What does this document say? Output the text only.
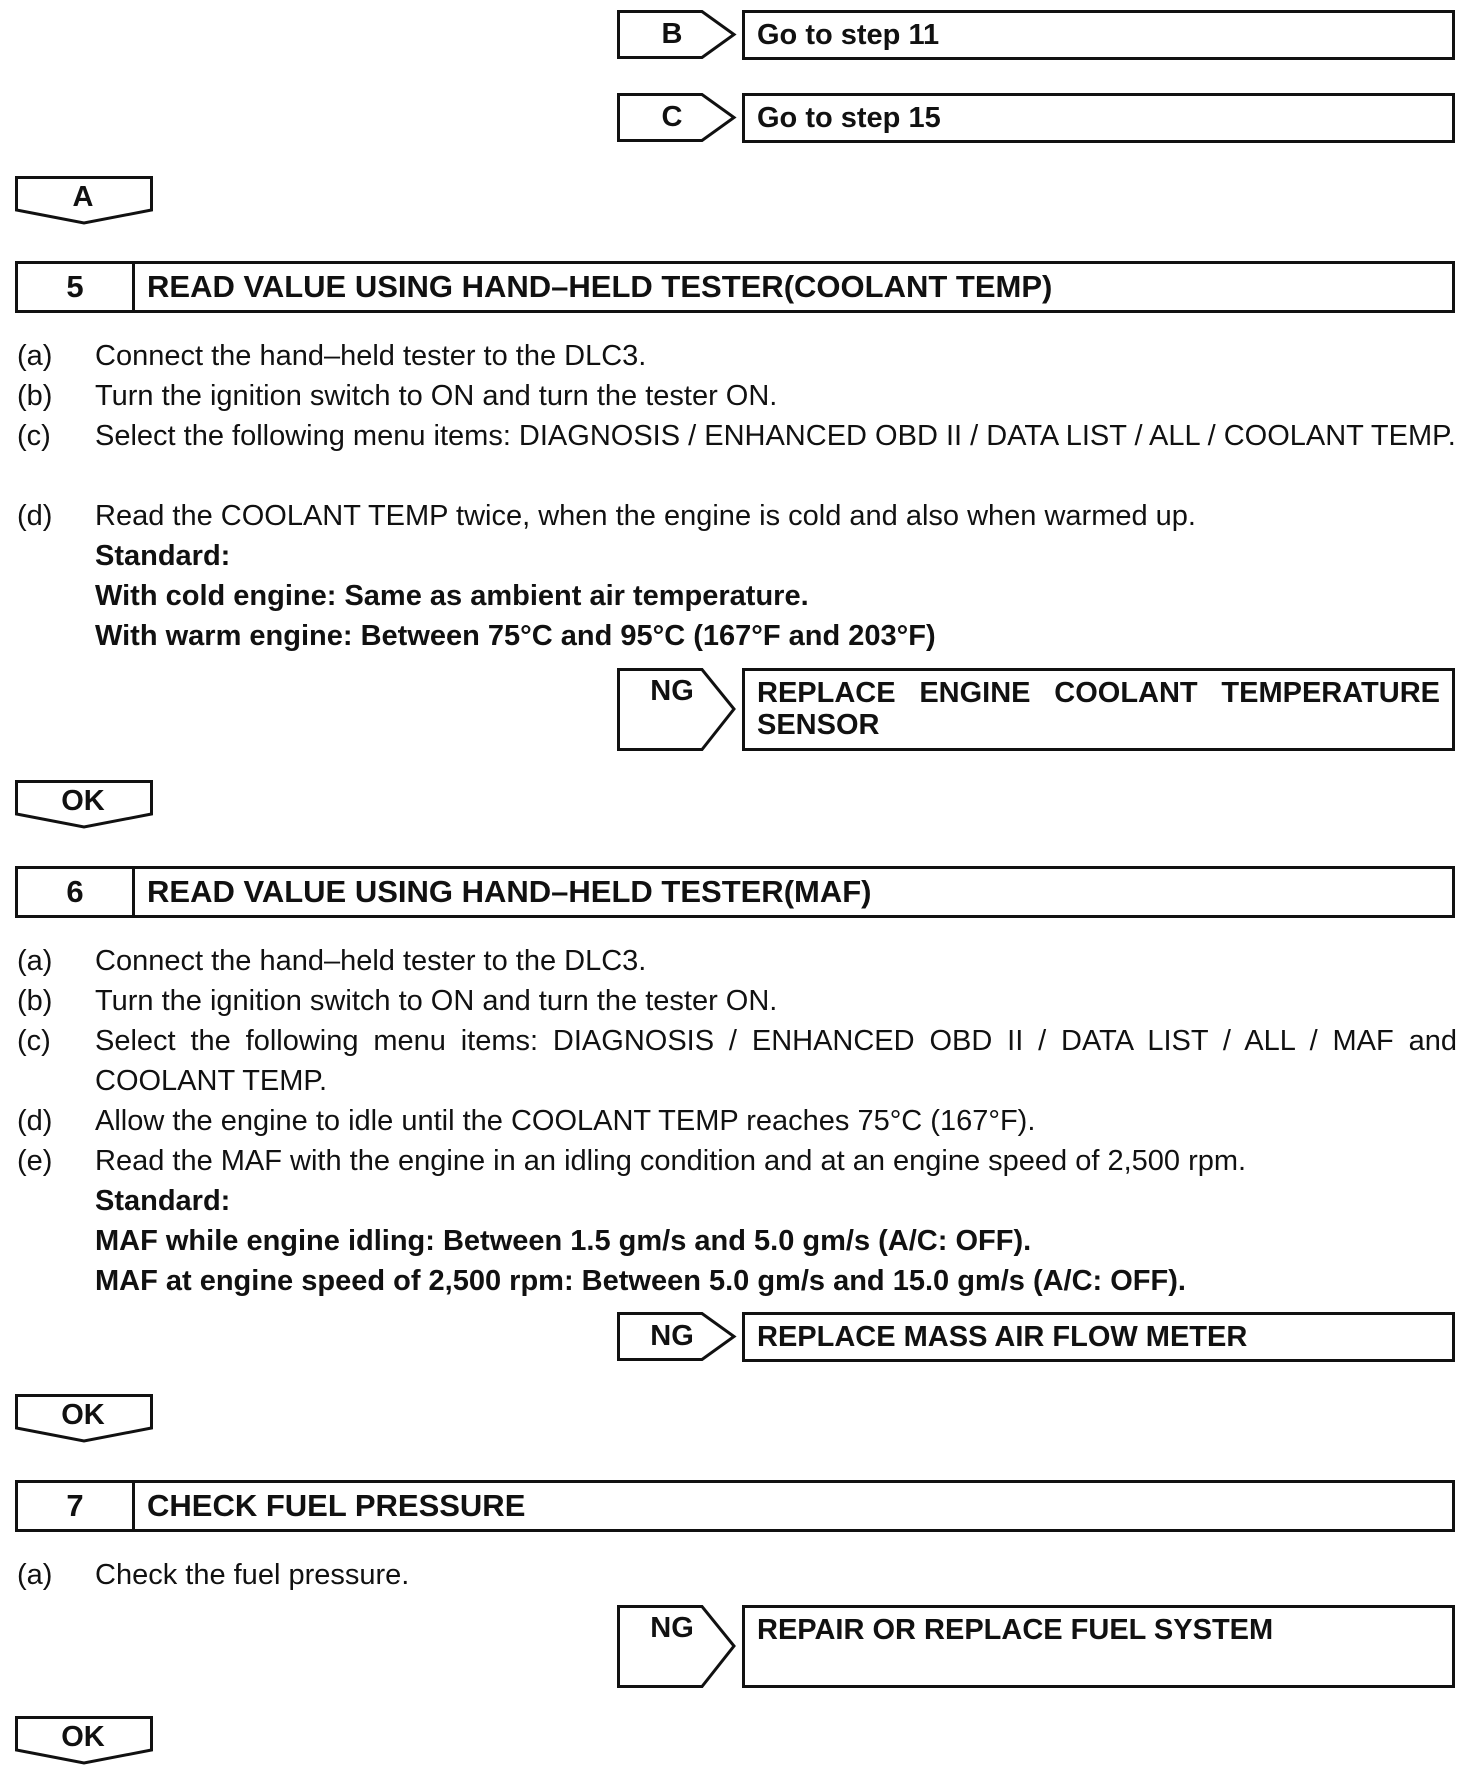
B	Go to step 11
C	Go to step 15
A
5	READ VALUE USING HAND–HELD TESTER(COOLANT TEMP)
(a) Connect the hand–held tester to the DLC3.
(b) Turn the ignition switch to ON and turn the tester ON.
(c) Select the following menu items: DIAGNOSIS / ENHANCED OBD II / DATA LIST / ALL / COOLANT TEMP.
(d) Read the COOLANT TEMP twice, when the engine is cold and also when warmed up.
Standard:
With cold engine: Same as ambient air temperature.
With warm engine: Between 75°C and 95°C (167°F and 203°F)
NG	REPLACE ENGINE COOLANT TEMPERATURE SENSOR
OK
6	READ VALUE USING HAND–HELD TESTER(MAF)
(a) Connect the hand–held tester to the DLC3.
(b) Turn the ignition switch to ON and turn the tester ON.
(c) Select the following menu items: DIAGNOSIS / ENHANCED OBD II / DATA LIST / ALL / MAF and COOLANT TEMP.
(d) Allow the engine to idle until the COOLANT TEMP reaches 75°C (167°F).
(e) Read the MAF with the engine in an idling condition and at an engine speed of 2,500 rpm.
Standard:
MAF while engine idling: Between 1.5 gm/s and 5.0 gm/s (A/C: OFF).
MAF at engine speed of 2,500 rpm: Between 5.0 gm/s and 15.0 gm/s (A/C: OFF).
NG	REPLACE MASS AIR FLOW METER
OK
7	CHECK FUEL PRESSURE
(a) Check the fuel pressure.
NG	REPAIR OR REPLACE FUEL SYSTEM
OK
